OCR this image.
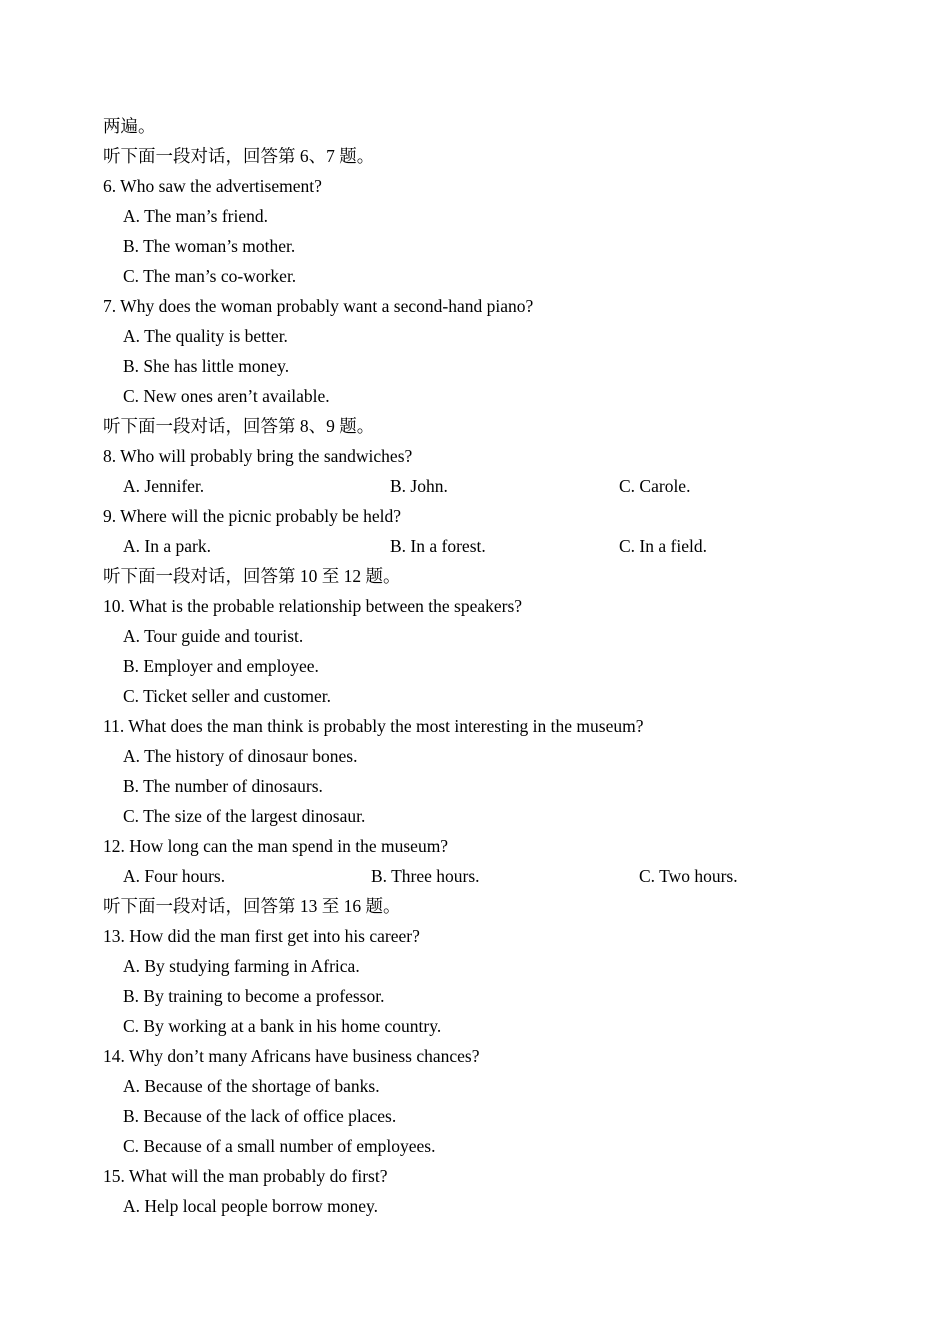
两遍。
听下面一段对话，回答第 6、7 题。
6. Who saw the advertisement?
A. The man’s friend.
B. The woman’s mother.
C. The man’s co-worker.
7. Why does the woman probably want a second-hand piano?
A. The quality is better.
B. She has little money.
C. New ones aren’t available.
听下面一段对话，回答第 8、9 题。
8. Who will probably bring the sandwiches?
A. Jennifer.	B. John.	C. Carole.
9. Where will the picnic probably be held?
A. In a park.	B. In a forest.	C. In a field.
听下面一段对话，回答第 10 至 12 题。
10. What is the probable relationship between the speakers?
A. Tour guide and tourist.
B. Employer and employee.
C. Ticket seller and customer.
11. What does the man think is probably the most interesting in the museum?
A. The history of dinosaur bones.
B. The number of dinosaurs.
C. The size of the largest dinosaur.
12. How long can the man spend in the museum?
A. Four hours.	B. Three hours.	C. Two hours.
听下面一段对话，回答第 13 至 16 题。
13. How did the man first get into his career?
A. By studying farming in Africa.
B. By training to become a professor.
C. By working at a bank in his home country.
14. Why don’t many Africans have business chances?
A. Because of the shortage of banks.
B. Because of the lack of office places.
C. Because of a small number of employees.
15. What will the man probably do first?
A. Help local people borrow money.
